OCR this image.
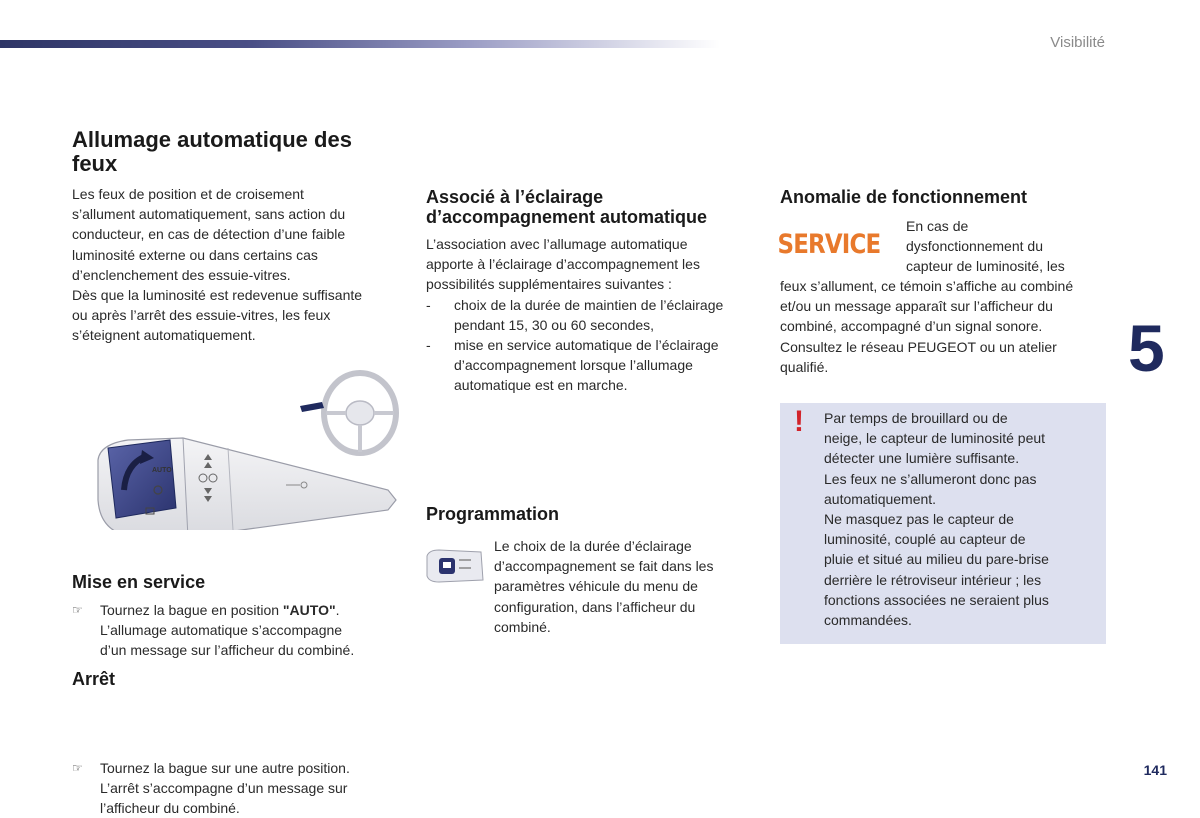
Visibilité
5
141
Allumage automatique des feux
Les feux de position et de croisement
s’allument automatiquement, sans action du
conducteur, en cas de détection d’une faible
luminosité externe ou dans certains cas
d’enclenchement des essuie-vitres.
Dès que la luminosité est redevenue suffisante
ou après l’arrêt des essuie-vitres, les feux
s’éteignent automatiquement.
AUTO
Mise en service
☞ Tournez la bague en position "AUTO".
L’allumage automatique s’accompagne
d’un message sur l’afficheur du combiné.
Arrêt
☞ Tournez la bague sur une autre position.
L’arrêt s’accompagne d’un message sur
l’afficheur du combiné.
Associé à l’éclairage
d’accompagnement automatique
L’association avec l’allumage automatique
apporte à l’éclairage d’accompagnement les
possibilités supplémentaires suivantes :
- choix de la durée de maintien de l’éclairage
pendant 15, 30 ou 60 secondes,
- mise en service automatique de l’éclairage
d’accompagnement lorsque l’allumage
automatique est en marche.
Programmation
Le choix de la durée d’éclairage
d’accompagnement se fait dans les
paramètres véhicule du menu de
configuration, dans l’afficheur du
combiné.
Anomalie de fonctionnement
SERVICE
En cas de
dysfonctionnement du
capteur de luminosité, les
feux s’allument, ce témoin s’affiche au combiné
et/ou un message apparaît sur l’afficheur du
combiné, accompagné d’un signal sonore.
Consultez le réseau PEUGEOT ou un atelier
qualifié.
! Par temps de brouillard ou de
neige, le capteur de luminosité peut
détecter une lumière suffisante.
Les feux ne s’allumeront donc pas
automatiquement.
Ne masquez pas le capteur de
luminosité, couplé au capteur de
pluie et situé au milieu du pare-brise
derrière le rétroviseur intérieur ; les
fonctions associées ne seraient plus
commandées.
